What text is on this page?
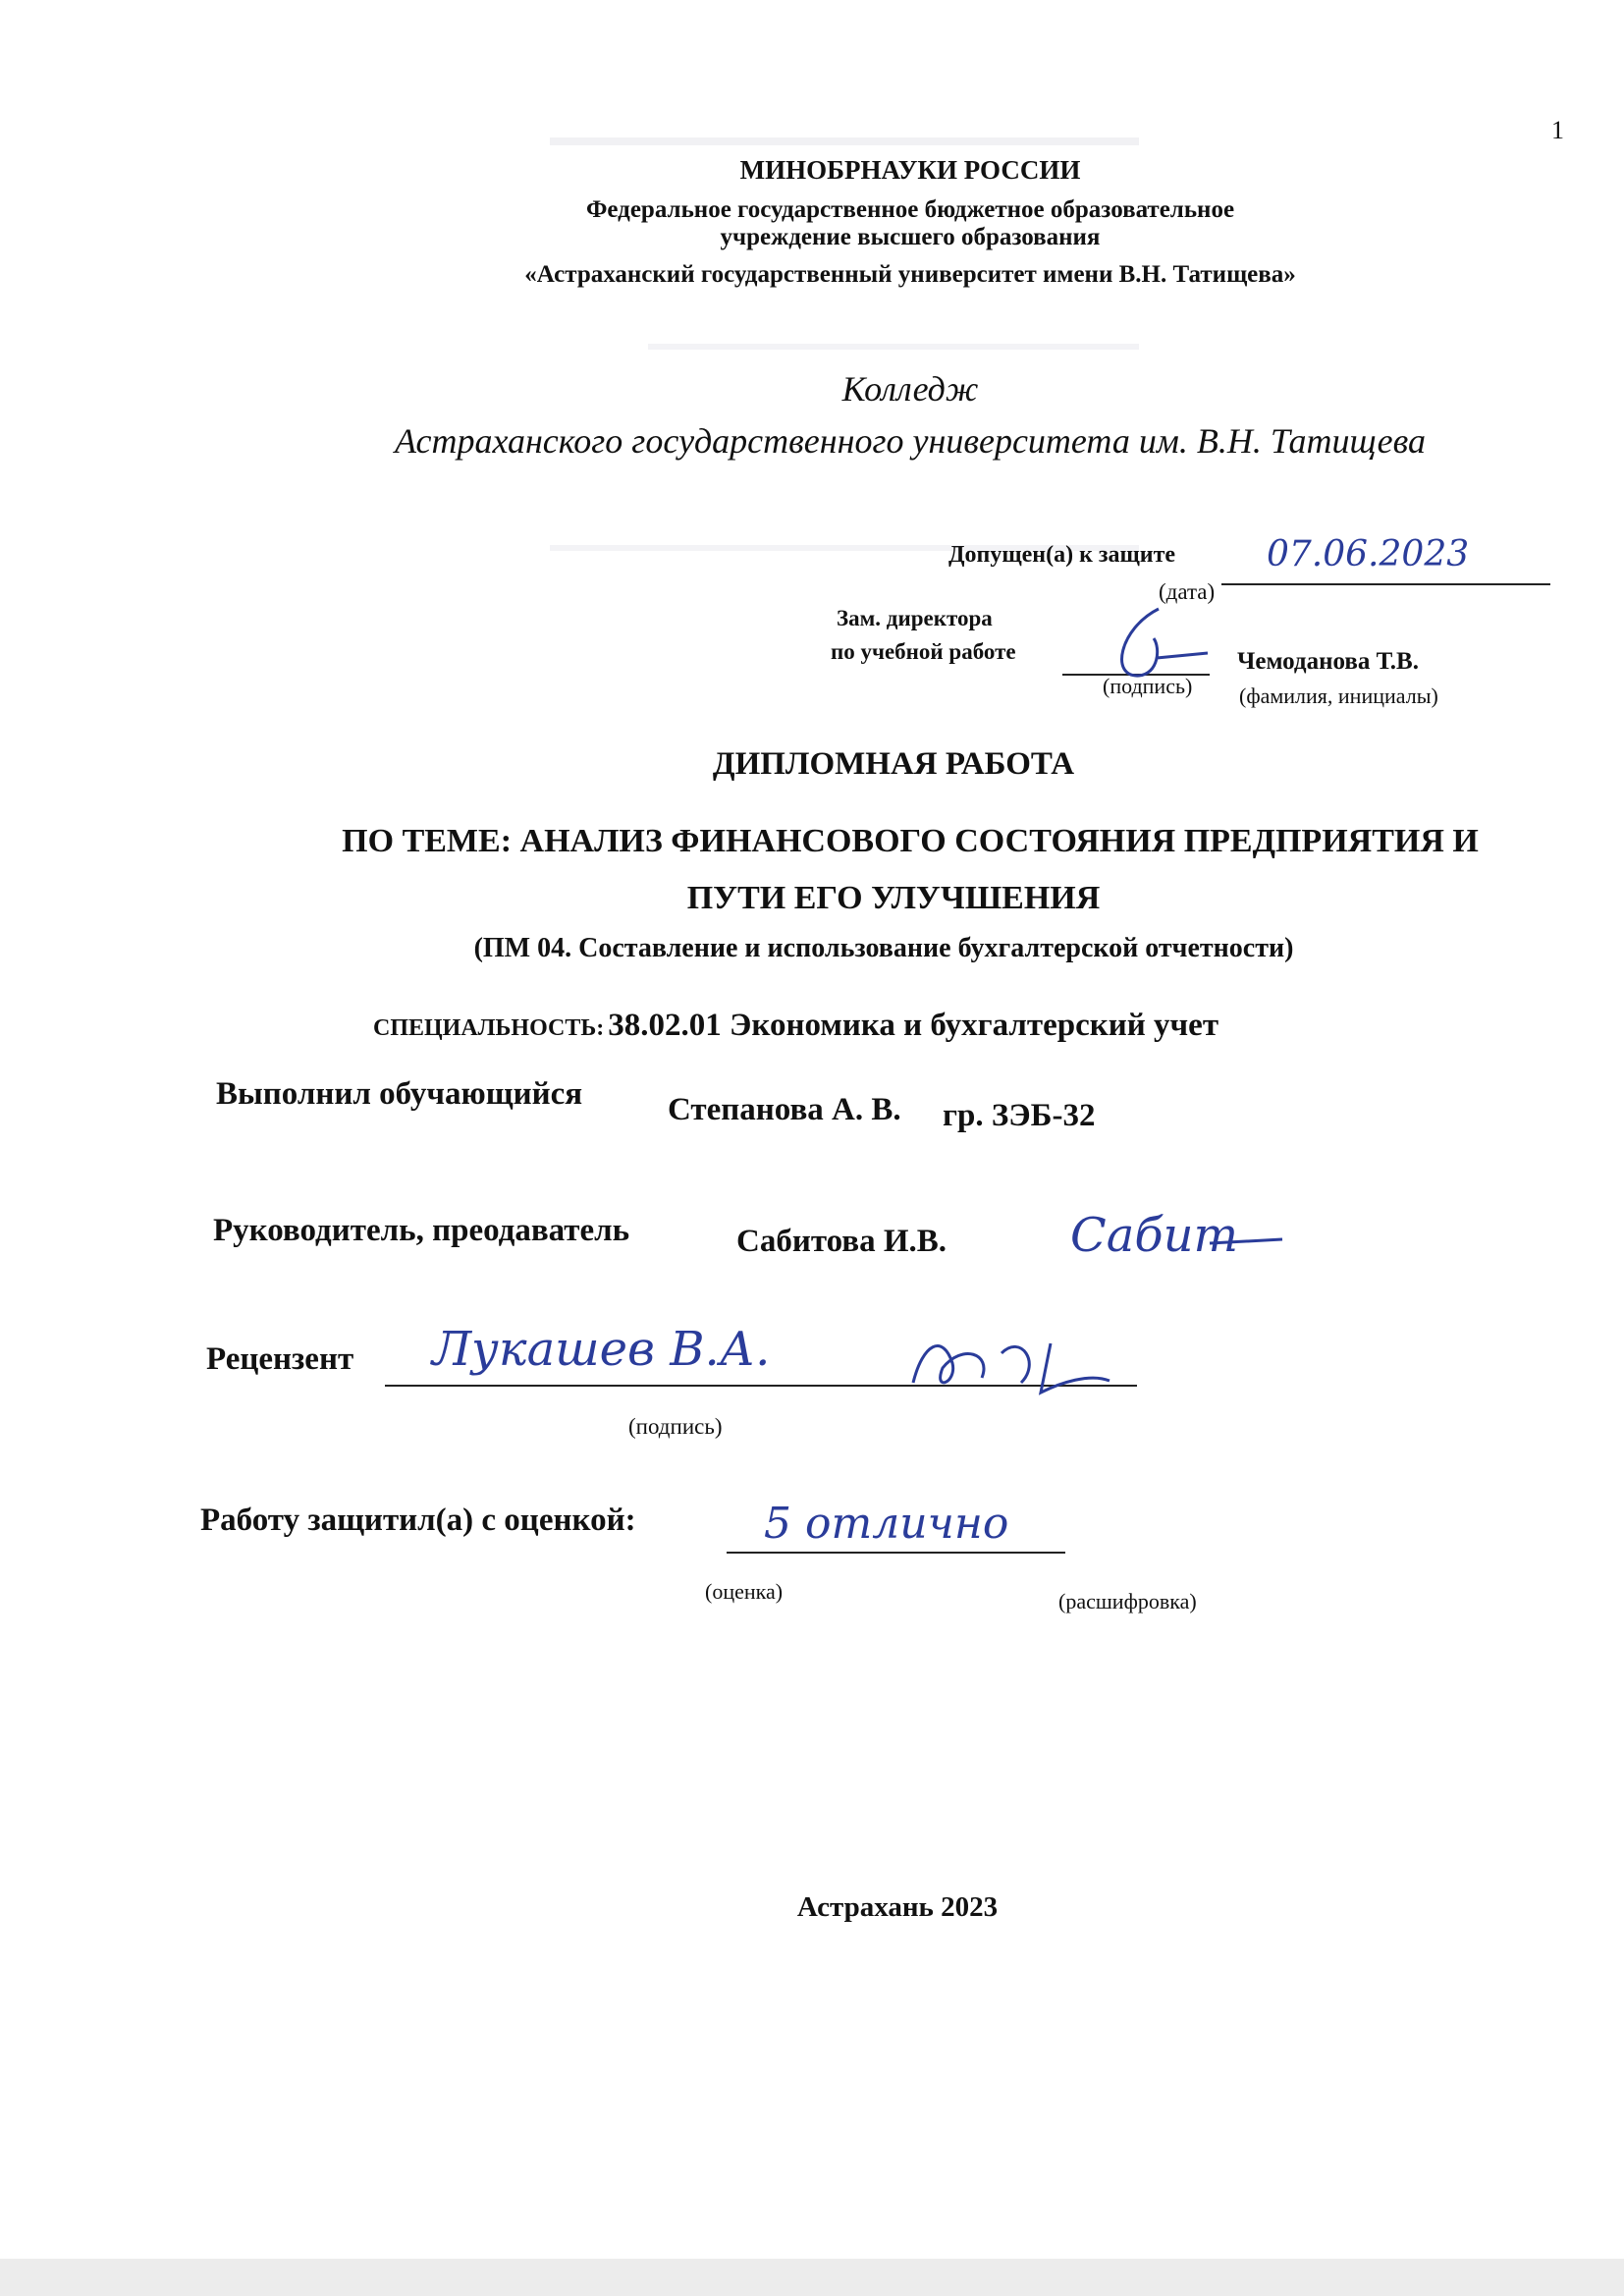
1
МИНОБРНАУКИ РОССИИ
Федеральное государственное бюджетное образовательное
учреждение высшего образования
«Астраханский государственный университет имени В.Н. Татищева»
Колледж
Астраханского государственного университета им. В.Н. Татищева
Допущен(а) к защите	07.06.2023
(дата)
Зам. директора
по учебной работе	Чемоданова Т.В.
(подпись) (фамилия, инициалы)
ДИПЛОМНАЯ РАБОТА
ПО ТЕМЕ: АНАЛИЗ ФИНАНСОВОГО СОСТОЯНИЯ ПРЕДПРИЯТИЯ И
ПУТИ ЕГО УЛУЧШЕНИЯ
(ПМ 04. Составление и использование бухгалтерской отчетности)
СПЕЦИАЛЬНОСТЬ: 38.02.01 Экономика и бухгалтерский учет
Выполнил обучающийся	Степанова А. В. гр. ЗЭБ-32
Руководитель, преодаватель	Сабитова И.В.	Сабит
Рецензент Лукашев В.А.
(подпись)
Работу защитил(а) с оценкой:	5 отлично
(оценка)	(расшифровка)
Астрахань 2023
